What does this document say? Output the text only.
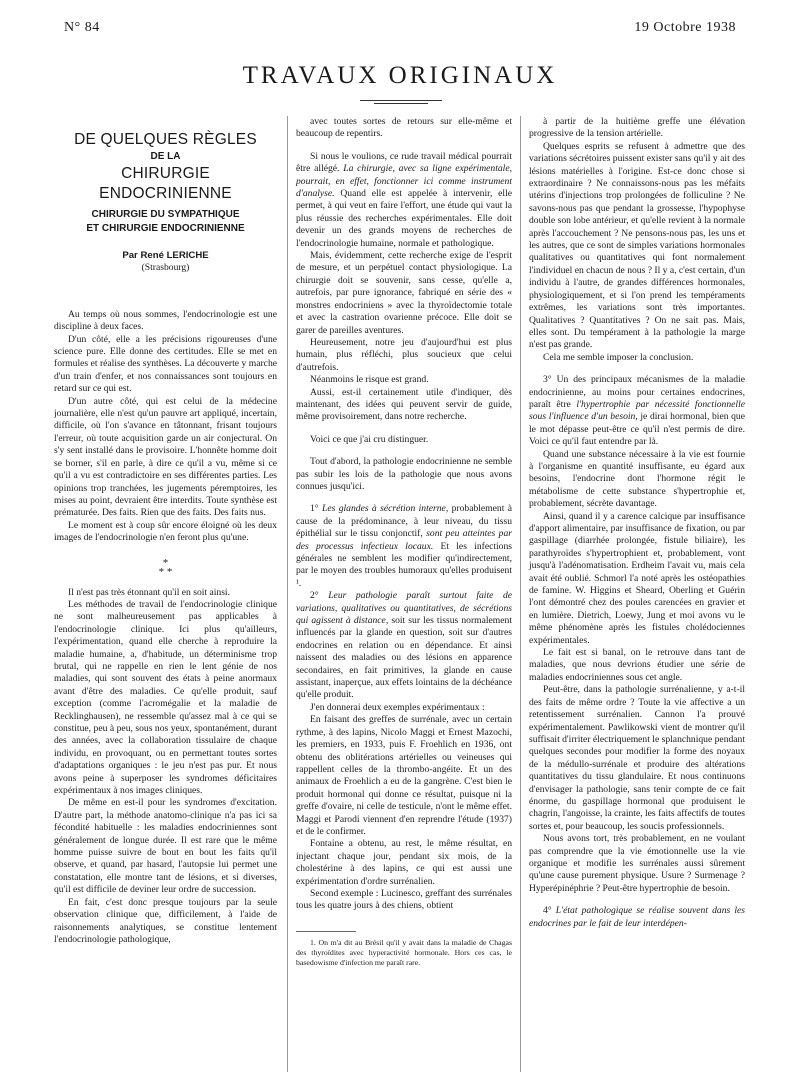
N° 84	19 Octobre 1938
TRAVAUX ORIGINAUX
DE QUELQUES RÈGLES
DE LA
CHIRURGIE ENDOCRINIENNE
CHIRURGIE DU SYMPATHIQUE
ET CHIRURGIE ENDOCRINIENNE
Par René LERICHE
(Strasbourg)

Au temps où nous sommes, l'endocrinologie est une discipline à deux faces.

D'un côté, elle a les précisions rigoureuses d'une science pure. Elle donne des certitudes. Elle se met en formules et réalise des synthèses. La découverte y marche d'un train d'enfer, et nos connaissances sont toujours en retard sur ce qui est.

D'un autre côté, qui est celui de la médecine journalière, elle n'est qu'un pauvre art appliqué, incertain, difficile, où l'on s'avance en tâtonnant, frisant toujours l'erreur, où toute acquisition garde un air conjectural. On s'y sent installé dans le provisoire. L'honnête homme doit se borner, s'il en parle, à dire ce qu'il a vu, même si ce qu'il a vu est contradictoire en ses différentes parties. Les opinions trop tranchées, les jugements péremptoires, les mises au point, devraient être interdits. Toute synthèse est prématurée. Des faits. Rien que des faits. Des faits nus.

Le moment est à coup sûr encore éloigné où les deux images de l'endocrinologie n'en feront plus qu'une.

*
* *

Il n'est pas très étonnant qu'il en soit ainsi.

Les méthodes de travail de l'endocrinologie clinique ne sont malheureusement pas applicables à l'endocrinologie clinique. Ici plus qu'ailleurs, l'expérimentation, quand elle cherche à reproduire la maladie humaine, a, d'habitude, un déterminisme trop brutal, qui ne rappelle en rien le lent génie de nos maladies, qui sont souvent des états à peine anormaux avant d'être des maladies. Ce qu'elle produit, sauf exception (comme l'acromégalie et la maladie de Recklinghausen), ne ressemble qu'assez mal à ce qui se constitue, peu à peu, sous nos yeux, spontanément, durant des années, avec la collaboration tissulaire de chaque individu, en provoquant, ou en permettant toutes sortes d'adaptations organiques : le jeu n'est pas pur. Et nous avons peine à superposer les syndromes déficitaires expérimentaux à nos images cliniques.

De même en est-il pour les syndromes d'excitation. D'autre part, la méthode anatomo-clinique n'a pas ici sa fécondité habituelle : les maladies endocriniennes sont généralement de longue durée. Il est rare que le même homme puisse suivre de bout en bout les faits qu'il observe, et quand, par hasard, l'autopsie lui permet une constatation, elle montre tant de lésions, et si diverses, qu'il est difficile de deviner leur ordre de succession.

En fait, c'est donc presque toujours par la seule observation clinique que, difficilement, à l'aide de raisonnements analytiques, se constitue lentement l'endocrinologie pathologique,

avec toutes sortes de retours sur elle-même et beaucoup de repentirs.

Si nous le voulions, ce rude travail médical pourrait être allégé. La chirurgie, avec sa ligne expérimentale, pourrait, en effet, fonctionner ici comme instrument d'analyse. Quand elle est appelée à intervenir, elle permet, à qui veut en faire l'effort, une étude qui vaut la plus réussie des recherches expérimentales. Elle doit devenir un des grands moyens de recherches de l'endocrinologie humaine, normale et pathologique.

Mais, évidemment, cette recherche exige de l'esprit de mesure, et un perpétuel contact physiologique. La chirurgie doit se souvenir, sans cesse, qu'elle a, autrefois, par pure ignorance, fabriqué en série des « monstres endocriniens » avec la thyroïdectomie totale et avec la castration ovarienne précoce. Elle doit se garer de pareilles aventures.

Heureusement, notre jeu d'aujourd'hui est plus humain, plus réfléchi, plus soucieux que celui d'autrefois.

Néanmoins le risque est grand.

Aussi, est-il certainement utile d'indiquer, dès maintenant, des idées qui peuvent servir de guide, même provisoirement, dans notre recherche.

Voici ce que j'ai cru distinguer.

Tout d'abord, la pathologie endocrinienne ne semble pas subir les lois de la pathologie que nous avons connues jusqu'ici.

1° Les glandes à sécrétion interne, probablement à cause de la prédominance, à leur niveau, du tissu épithélial sur le tissu conjonctif, sont peu atteintes par des processus infectieux locaux. Et les infections générales ne semblent les modifier qu'indirectement, par le moyen des troubles humoraux qu'elles produisent ¹.

2° Leur pathologie paraît surtout faite de variations, qualitatives ou quantitatives, de sécrétions qui agissent à distance, soit sur les tissus normalement influencés par la glande en question, soit sur d'autres endocrines en relation ou en dépendance. Et ainsi naissent des maladies ou des lésions en apparence secondaires, en fait primitives, la glande en cause assistant, inaperçue, aux effets lointains de la déchéance qu'elle produit.

J'en donnerai deux exemples expérimentaux :

En faisant des greffes de surrénale, avec un certain rythme, à des lapins, Nicolo Maggi et Ernest Mazochi, les premiers, en 1933, puis F. Froehlich en 1936, ont obtenu des oblitérations artérielles ou veineuses qui rappellent celles de la thrombo-angéite. Et un des animaux de Froehlich a eu de la gangrène. C'est bien le produit hormonal qui donne ce résultat, puisque ni la greffe d'ovaire, ni celle de testicule, n'ont le même effet. Maggi et Parodi viennent d'en reprendre l'étude (1937) et de le confirmer.

Fontaine a obtenu, au rest, le même résultat, en injectant chaque jour, pendant six mois, de la cholestérine à des lapins, ce qui est aussi une expérimentation d'ordre surrénalien.

Second exemple : Lucinesco, greffant des surrénales tous les quatre jours à des chiens, obtient

1. On m'a dit au Brésil qu'il y avait dans la maladie de Chagas des thyroïdites avec hyperactivité hormonale. Hors ces cas, le basedowisme d'infection me paraît rare.

à partir de la huitième greffe une élévation progressive de la tension artérielle.

Quelques esprits se refusent à admettre que des variations sécrétoires puissent exister sans qu'il y ait des lésions matérielles à l'origine. Est-ce donc chose si extraordinaire ? Ne connaissons-nous pas les méfaits utérins d'injections trop prolongées de folliculine ? Ne savons-nous pas que pendant la grossesse, l'hypophyse double son lobe antérieur, et qu'elle revient à la normale après l'accouchement ? Ne pensons-nous pas, les uns et les autres, que ce sont de simples variations hormonales qualitatives ou quantitatives qui font normalement l'individuel en chacun de nous ? Il y a, c'est certain, d'un individu à l'autre, de grandes différences hormonales, physiologiquement, et si l'on prend les tempéraments extrêmes, les variations sont très importantes. Qualitatives ? Quantitatives ? On ne sait pas. Mais, elles sont. Du tempérament à la pathologie la marge n'est pas grande.

Cela me semble imposer la conclusion.

3° Un des principaux mécanismes de la maladie endocrinienne, au moins pour certaines endocrines, paraît être l'hypertrophie par nécessité fonctionnelle sous l'influence d'un besoin, je dirai hormonal, bien que le mot dépasse peut-être ce qu'il n'est permis de dire. Voici ce qu'il faut entendre par là.

Quand une substance nécessaire à la vie est fournie à l'organisme en quantité insuffisante, eu égard aux besoins, l'endocrine dont l'hormone régit le métabolisme de cette substance s'hypertrophie et, probablement, sécrète davantage.

Ainsi, quand il y a carence calcique par insuffisance d'apport alimentaire, par insuffisance de fixation, ou par gaspillage (diarrhée prolongée, fistule biliaire), les parathyroïdes s'hypertrophient et, probablement, vont jusqu'à l'adénomatisation. Erdheim l'avait vu, mais cela avait été oublié. Schmorl l'a noté après les ostéopathies de famine. W. Higgins et Sheard, Oberling et Guérin l'ont démontré chez des poules carencées en gravier et en lumière. Dietrich, Loewy, Jung et moi avons vu le même phénomène après les fistules cholédociennes expérimentales.

Le fait est si banal, on le retrouve dans tant de maladies, que nous devrions étudier une série de maladies endocriniennes sous cet angle.

Peut-être, dans la pathologie surrénalienne, y a-t-il des faits de même ordre ? Toute la vie affective a un retentissement surrénalien. Cannon l'a prouvé expérimentalement. Pawlikowski vient de montrer qu'il suffisait d'irriter électriquement le splanchnique pendant quelques secondes pour modifier la forme des noyaux de la médullo-surrénale et produire des altérations quantitatives du tissu glandulaire. Et nous continuons d'envisager la pathologie, sans tenir compte de ce fait énorme, du gaspillage hormonal que produisent le chagrin, l'angoisse, la crainte, les faits affectifs de toutes sortes et, pour beaucoup, les soucis professionnels.

Nous avons tort, très probablement, en ne voulant pas comprendre que la vie émotionnelle use la vie organique et modifie les surrénales aussi sûrement qu'une cause purement physique. Usure ? Surmenage ? Hyperépinéphrie ? Peut-être hypertrophie de besoin.

4° L'état pathologique se réalise souvent dans les endocrines par le fait de leur interdépen-
